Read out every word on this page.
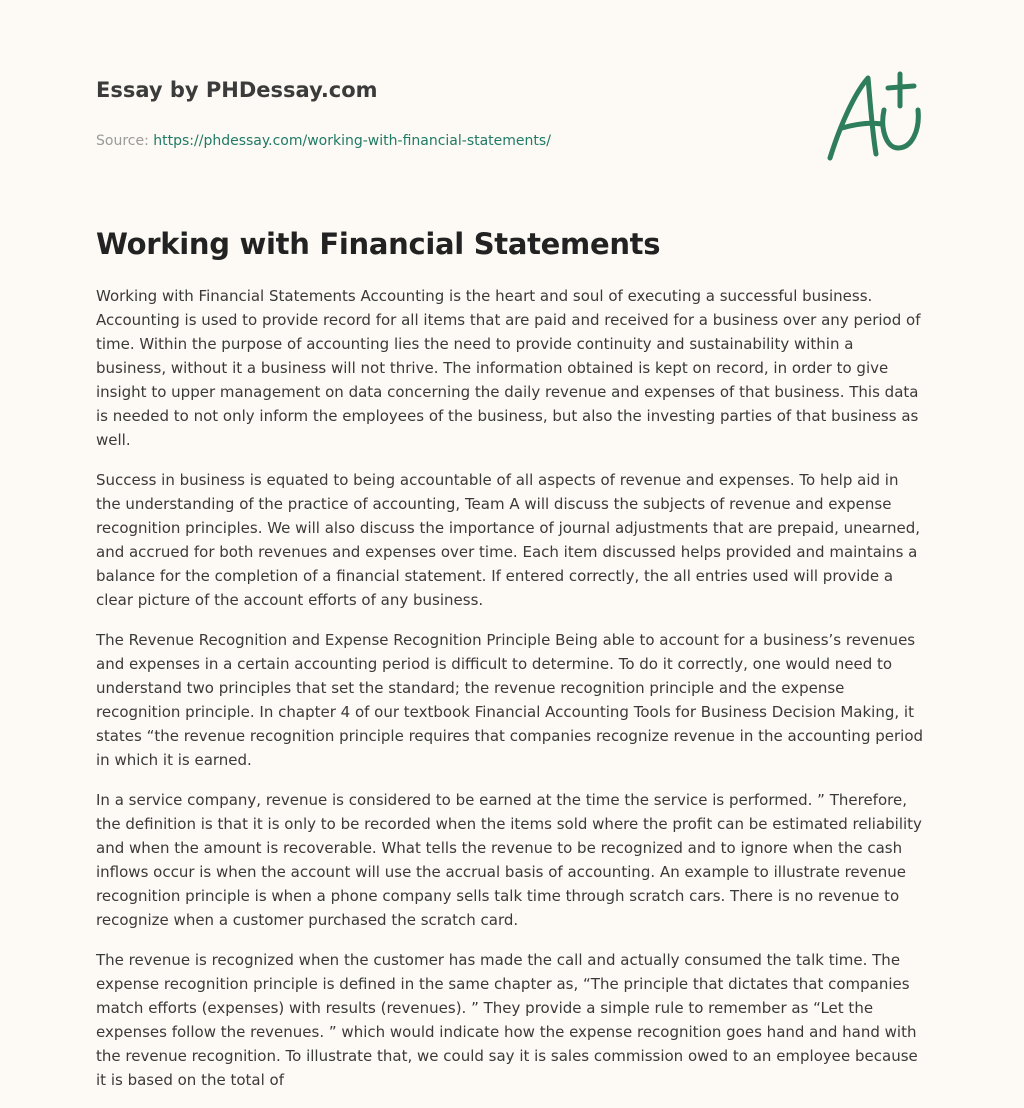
Essay by PHDessay.com
Source: https://phdessay.com/working-with-financial-statements/
Working with Financial Statements

Working with Financial Statements Accounting is the heart and soul of executing a successful business. Accounting is used to provide record for all items that are paid and received for a business over any period of time. Within the purpose of accounting lies the need to provide continuity and sustainability within a business, without it a business will not thrive. The information obtained is kept on record, in order to give insight to upper management on data concerning the daily revenue and expenses of that business. This data is needed to not only inform the employees of the business, but also the investing parties of that business as well.

Success in business is equated to being accountable of all aspects of revenue and expenses. To help aid in the understanding of the practice of accounting, Team A will discuss the subjects of revenue and expense recognition principles. We will also discuss the importance of journal adjustments that are prepaid, unearned, and accrued for both revenues and expenses over time. Each item discussed helps provided and maintains a balance for the completion of a financial statement. If entered correctly, the all entries used will provide a clear picture of the account efforts of any business.

The Revenue Recognition and Expense Recognition Principle Being able to account for a business’s revenues and expenses in a certain accounting period is difficult to determine. To do it correctly, one would need to understand two principles that set the standard; the revenue recognition principle and the expense recognition principle. In chapter 4 of our textbook Financial Accounting Tools for Business Decision Making, it states “the revenue recognition principle requires that companies recognize revenue in the accounting period in which it is earned.

In a service company, revenue is considered to be earned at the time the service is performed. ” Therefore, the definition is that it is only to be recorded when the items sold where the profit can be estimated reliability and when the amount is recoverable. What tells the revenue to be recognized and to ignore when the cash inflows occur is when the account will use the accrual basis of accounting. An example to illustrate revenue recognition principle is when a phone company sells talk time through scratch cars. There is no revenue to recognize when a customer purchased the scratch card.

The revenue is recognized when the customer has made the call and actually consumed the talk time. The expense recognition principle is defined in the same chapter as, “The principle that dictates that companies match efforts (expenses) with results (revenues). ” They provide a simple rule to remember as “Let the expenses follow the revenues. ” which would indicate how the expense recognition goes hand and hand with the revenue recognition. To illustrate that, we could say it is sales commission owed to an employee because it is based on the total of
